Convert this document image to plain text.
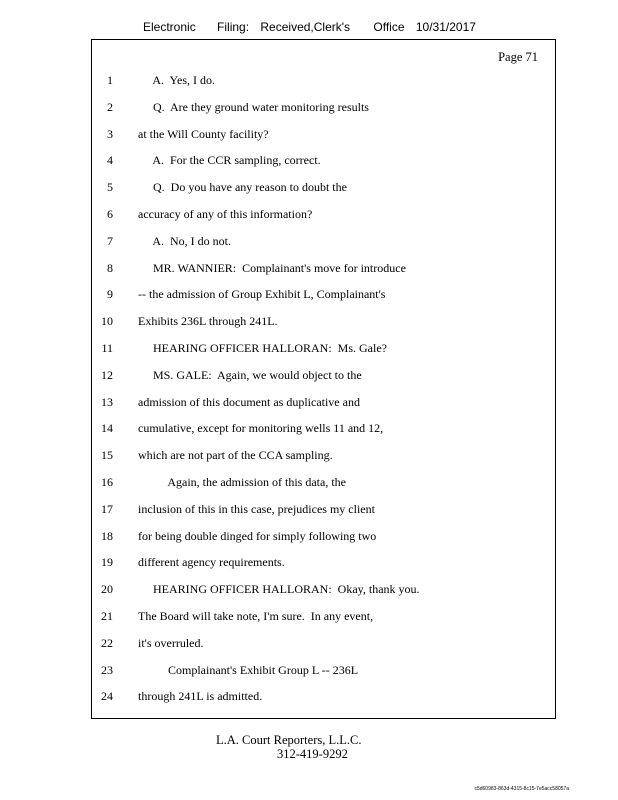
Electronic Filing: Received,Clerk's Office 10/31/2017
Page 71
1 A.  Yes, I do.
2 Q.  Are they ground water monitoring results
3 at the Will County facility?
4 A.  For the CCR sampling, correct.
5 Q.  Do you have any reason to doubt the
6 accuracy of any of this information?
7 A.  No, I do not.
8 MR. WANNIER:  Complainant's move for introduce
9 -- the admission of Group Exhibit L, Complainant's
10 Exhibits 236L through 241L.
11 HEARING OFFICER HALLORAN:  Ms. Gale?
12 MS. GALE:  Again, we would object to the
13 admission of this document as duplicative and
14 cumulative, except for monitoring wells 11 and 12,
15 which are not part of the CCA sampling.
16 Again, the admission of this data, the
17 inclusion of this in this case, prejudices my client
18 for being double dinged for simply following two
19 different agency requirements.
20 HEARING OFFICER HALLORAN:  Okay, thank you.
21 The Board will take note, I'm sure.  In any event,
22 it's overruled.
23 Complainant's Exhibit Group L -- 236L
24 through 241L is admitted.
L.A. Court Reporters, L.L.C.
312-419-9292
c5d60983-863d-4315-8c15-7e5acc58057a
